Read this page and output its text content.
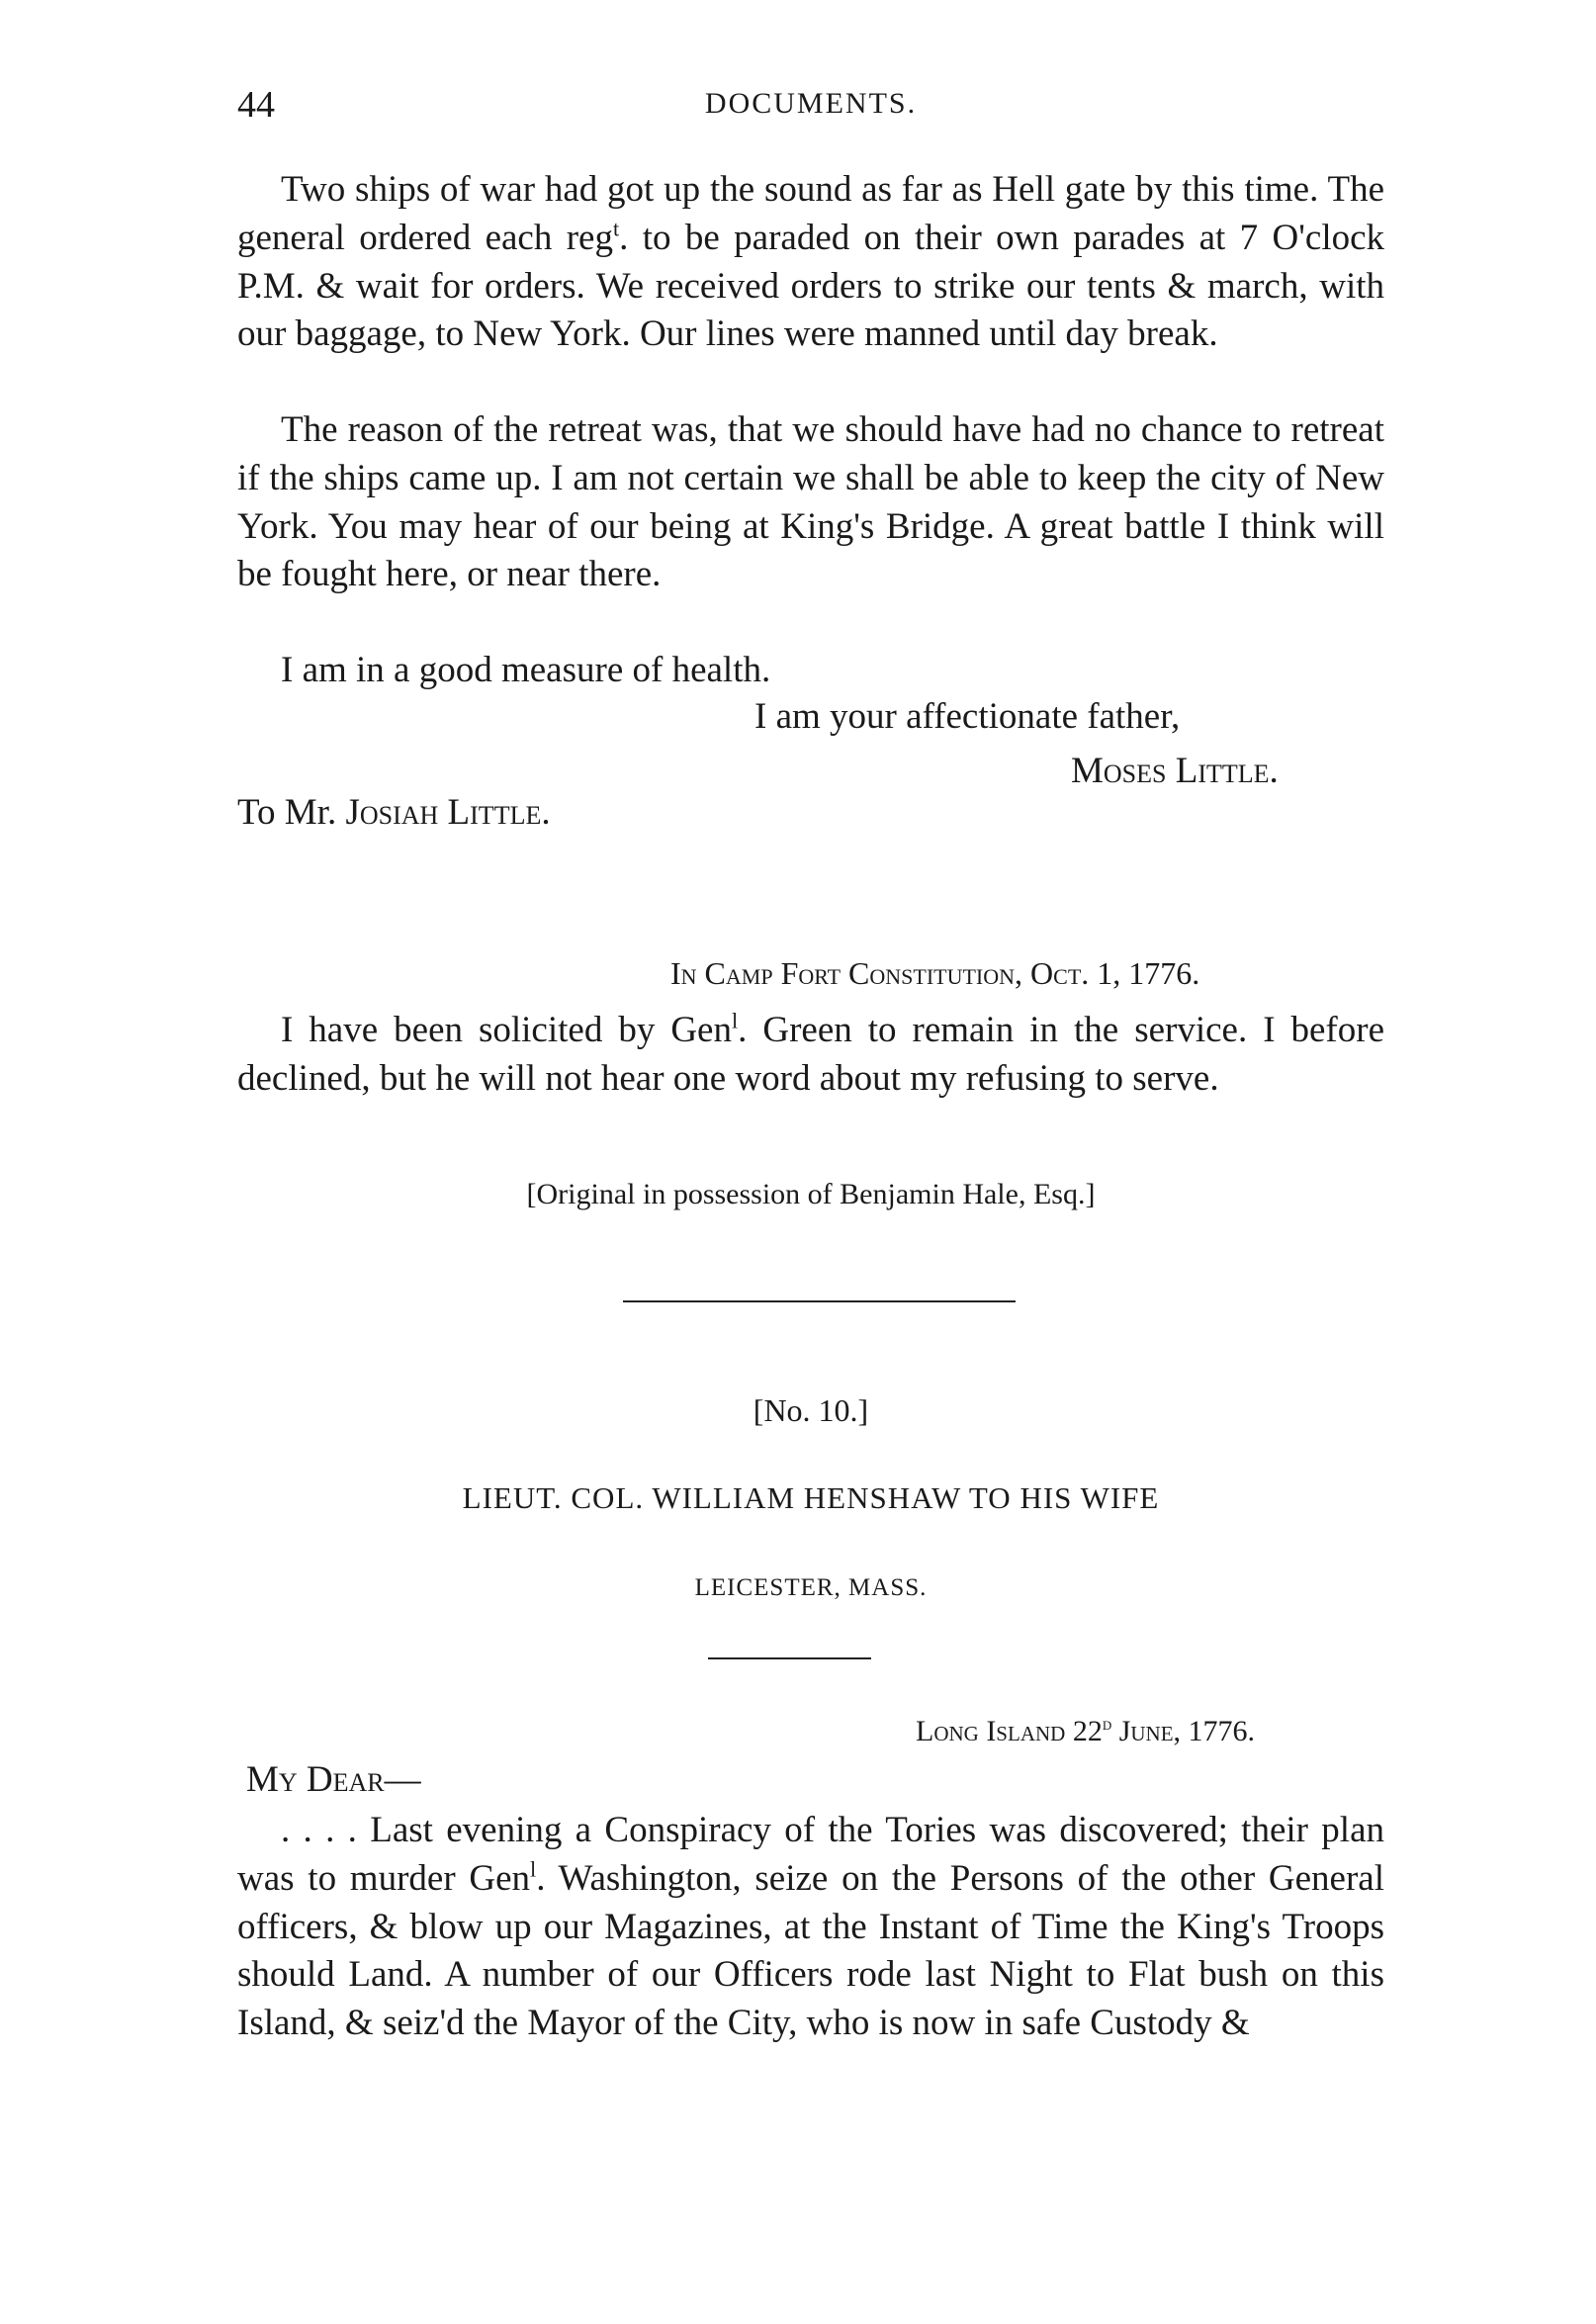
44	DOCUMENTS.

Two ships of war had got up the sound as far as Hell gate by this time. The general ordered each reg$^t$. to be paraded on their own parades at 7 O'clock P.M. & wait for orders. We received orders to strike our tents & march, with our baggage, to New York. Our lines were manned until day break.

The reason of the retreat was, that we should have had no chance to retreat if the ships came up. I am not certain we shall be able to keep the city of New York. You may hear of our being at King's Bridge. A great battle I think will be fought here, or near there.

I am in a good measure of health.

I am your affectionate father,
Moses Little.
To Mr. Josiah Little.
In Camp Fort Constitution, Oct. 1, 1776.

I have been solicited by Gen$^l$. Green to remain in the service. I before declined, but he will not hear one word about my refusing to serve.

[Original in possession of Benjamin Hale, Esq.]
[No. 10.]
LIEUT. COL. WILLIAM HENSHAW TO HIS WIFE
LEICESTER, MASS.
Long Island 22$^d$ June, 1776.
My Dear—

. . . . Last evening a Conspiracy of the Tories was discovered; their plan was to murder Gen$^l$. Washington, seize on the Persons of the other General officers, & blow up our Magazines, at the Instant of Time the King's Troops should Land. A number of our Officers rode last Night to Flat bush on this Island, & seiz'd the Mayor of the City, who is now in safe Custody &
